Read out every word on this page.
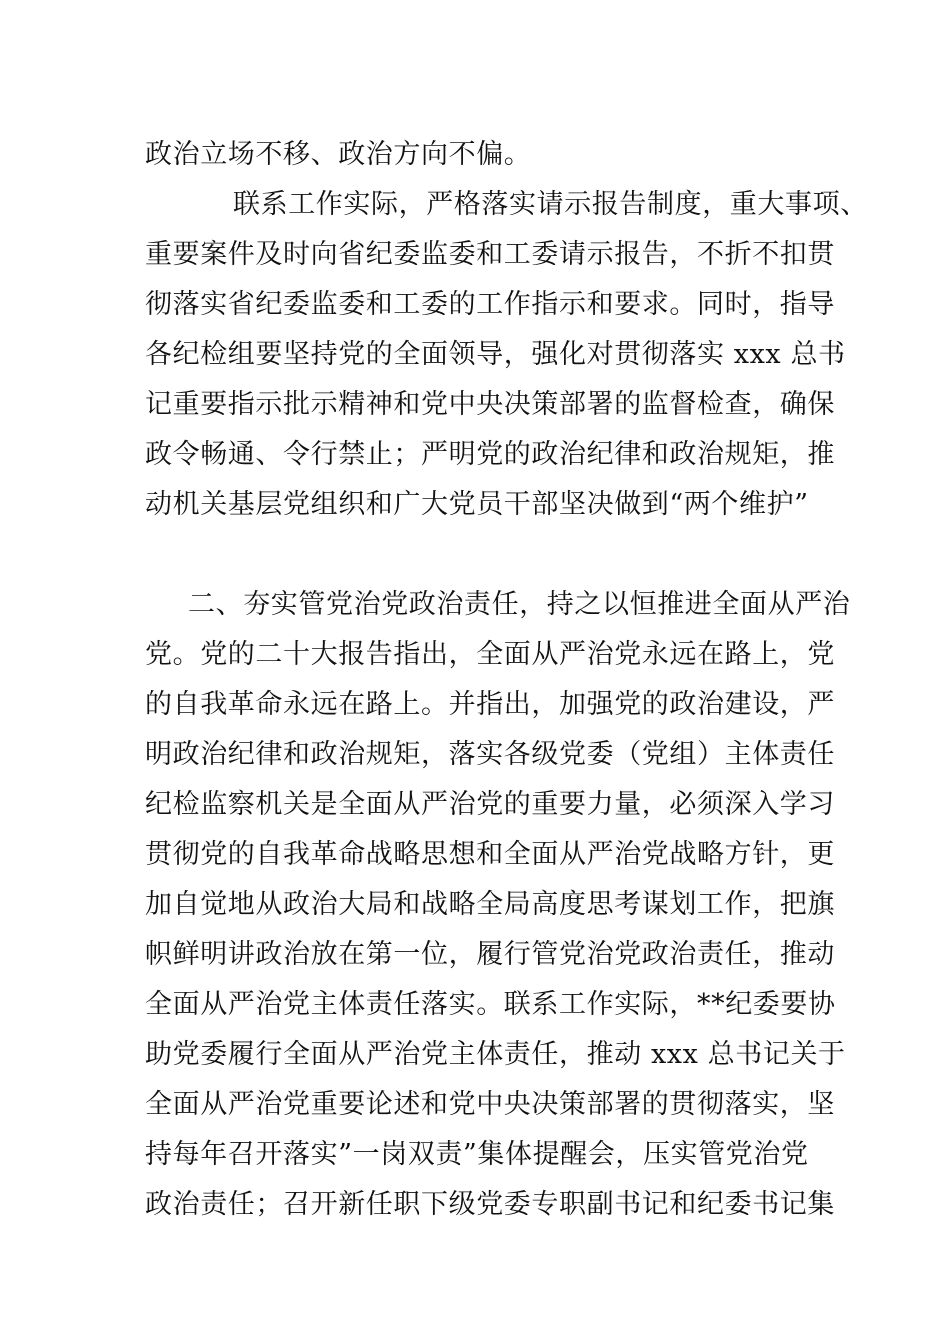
政治立场不移、政治方向不偏。
联系工作实际，严格落实请示报告制度，重大事项、
重要案件及时向省纪委监委和工委请示报告，不折不扣贯
彻落实省纪委监委和工委的工作指示和要求。同时，指导
各纪检组要坚持党的全面领导，强化对贯彻落实 xxx 总书
记重要指示批示精神和党中央决策部署的监督检查，确保
政令畅通、令行禁止；严明党的政治纪律和政治规矩，推
动机关基层党组织和广大党员干部坚决做到“两个维护”
二、夯实管党治党政治责任，持之以恒推进全面从严治
党。党的二十大报告指出，全面从严治党永远在路上，党
的自我革命永远在路上。并指出，加强党的政治建设，严
明政治纪律和政治规矩，落实各级党委（党组）主体责任
纪检监察机关是全面从严治党的重要力量，必须深入学习
贯彻党的自我革命战略思想和全面从严治党战略方针，更
加自觉地从政治大局和战略全局高度思考谋划工作，把旗
帜鲜明讲政治放在第一位，履行管党治党政治责任，推动
全面从严治党主体责任落实。联系工作实际，**纪委要协
助党委履行全面从严治党主体责任，推动 xxx 总书记关于
全面从严治党重要论述和党中央决策部署的贯彻落实，坚
持每年召开落实”一岗双责”集体提醒会，压实管党治党
政治责任；召开新任职下级党委专职副书记和纪委书记集
